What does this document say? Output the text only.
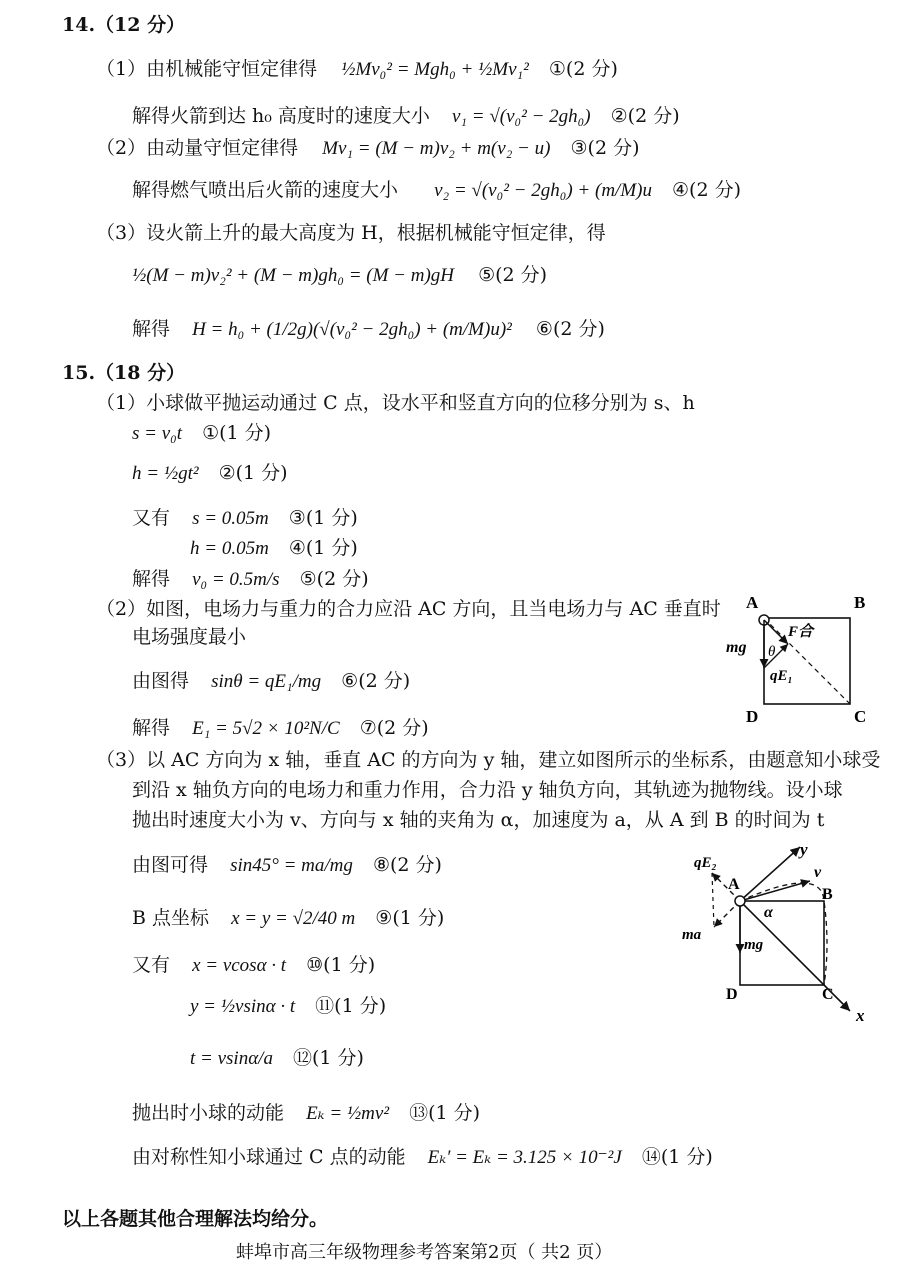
14.（12 分）
（1）由机械能守恒定律得 ½Mv₀² = Mgh₀ + ½Mv₁² ①(2 分)
解得火箭到达 h₀ 高度时的速度大小 v₁ = √(v₀² − 2gh₀) ②(2 分)
（2）由动量守恒定律得 Mv₁ = (M − m)v₂ + m(v₂ − u) ③(2 分)
解得燃气喷出后火箭的速度大小 v₂ = √(v₀² − 2gh₀) + (m/M)u ④(2 分)
（3）设火箭上升的最大高度为 H，根据机械能守恒定律，得
½(M − m)v₂² + (M − m)gh₀ = (M − m)gH ⑤(2 分)
解得 H = h₀ + (1/2g)(√(v₀² − 2gh₀) + (m/M)u)² ⑥(2 分)
15.（18 分）
（1）小球做平抛运动通过 C 点，设水平和竖直方向的位移分别为 s、h
s = v₀t ①(1 分)
h = ½gt² ②(1 分)
又有 s = 0.05m ③(1 分)
h = 0.05m ④(1 分)
解得 v₀ = 0.5m/s ⑤(2 分)
（2）如图，电场力与重力的合力应沿 AC 方向，且当电场力与 AC 垂直时
电场强度最小
由图得 sinθ = qE₁/mg ⑥(2 分)
解得 E₁ = 5√2 × 10²N/C ⑦(2 分)
（3）以 AC 方向为 x 轴，垂直 AC 的方向为 y 轴，建立如图所示的坐标系，由题意知小球受
到沿 x 轴负方向的电场力和重力作用，合力沿 y 轴负方向，其轨迹为抛物线。设小球
抛出时速度大小为 v、方向与 x 轴的夹角为 α，加速度为 a，从 A 到 B 的时间为 t
由图可得 sin45° = ma/mg ⑧(2 分)
B 点坐标 x = y = √2/40 m ⑨(1 分)
又有 x = vcosα · t ⑩(1 分)
y = ½vsinα · t ⑪(1 分)
t = vsinα/a ⑫(1 分)
抛出时小球的动能 Eₖ = ½mv² ⑬(1 分)
由对称性知小球通过 C 点的动能 Eₖ′ = Eₖ = 3.125 × 10⁻²J ⑭(1 分)
以上各题其他合理解法均给分。
蚌埠市高三年级物理参考答案第2页（ 共2 页）
A	B
C
D
mg
F合
θ
qE₁
A
B
C
D
y
x
v
α
qE₂
ma
mg
